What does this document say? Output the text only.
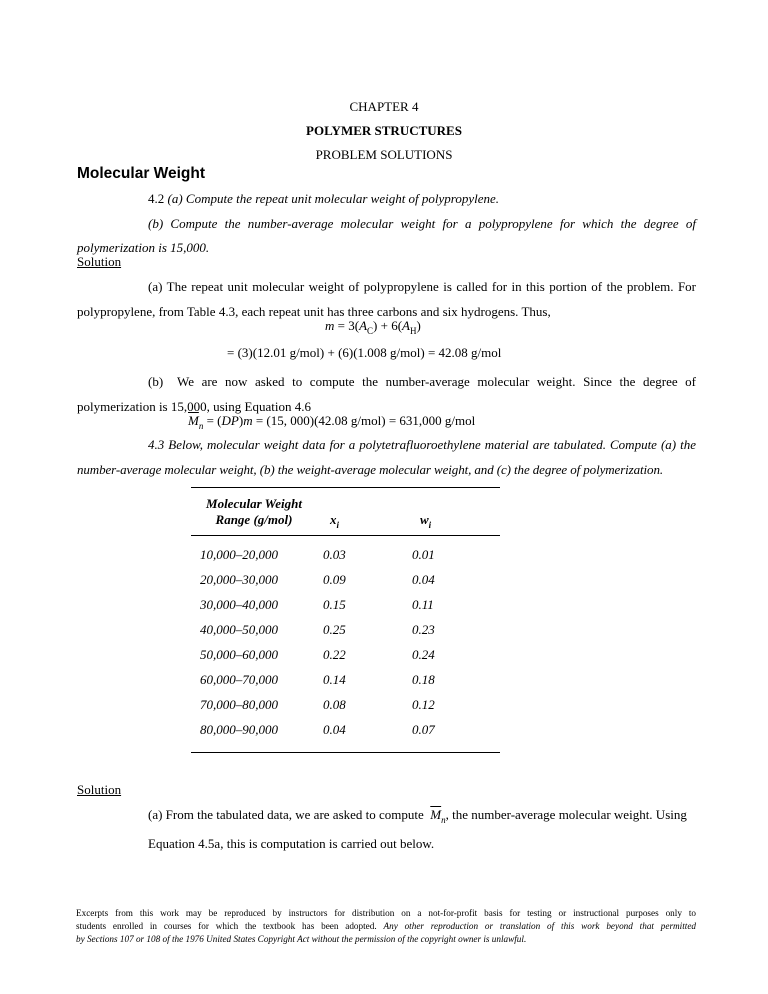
CHAPTER 4
POLYMER STRUCTURES
PROBLEM SOLUTIONS
Molecular Weight
4.2 (a) Compute the repeat unit molecular weight of polypropylene.
(b) Compute the number-average molecular weight for a polypropylene for which the degree of
polymerization is 15,000.
Solution
(a) The repeat unit molecular weight of polypropylene is called for in this portion of the problem. For
polypropylene, from Table 4.3, each repeat unit has three carbons and six hydrogens. Thus,
$m = 3(A_C) + 6(A_H)$
= (3)(12.01 g/mol) + (6)(1.008 g/mol) = 42.08 g/mol
(b) We are now asked to compute the number-average molecular weight. Since the degree of
polymerization is 15,000, using Equation 4.6
$\overline{M}_n = (DP)m = (15$, 000)(42.08 g/mol) = 631,000 g/mol
4.3 Below, molecular weight data for a polytetrafluoroethylene material are tabulated. Compute (a) the
number-average molecular weight, (b) the weight-average molecular weight, and (c) the degree of polymerization.
Molecular Weight
Range (g/mol)	$x_i$	$w_i$
10,000–20,000	0.03	0.01
20,000–30,000	0.09	0.04
30,000–40,000	0.15	0.11
40,000–50,000	0.25	0.23
50,000–60,000	0.22	0.24
60,000–70,000	0.14	0.18
70,000–80,000	0.08	0.12
80,000–90,000	0.04	0.07
Solution
(a) From the tabulated data, we are asked to compute $\overline{M}_n$, the number-average molecular weight. Using
Equation 4.5a, this is computation is carried out below.
Excerpts from this work may be reproduced by instructors for distribution on a not-for-profit basis for testing or instructional purposes only to
students enrolled in courses for which the textbook has been adopted. Any other reproduction or translation of this work beyond that permitted
by Sections 107 or 108 of the 1976 United States Copyright Act without the permission of the copyright owner is unlawful.
